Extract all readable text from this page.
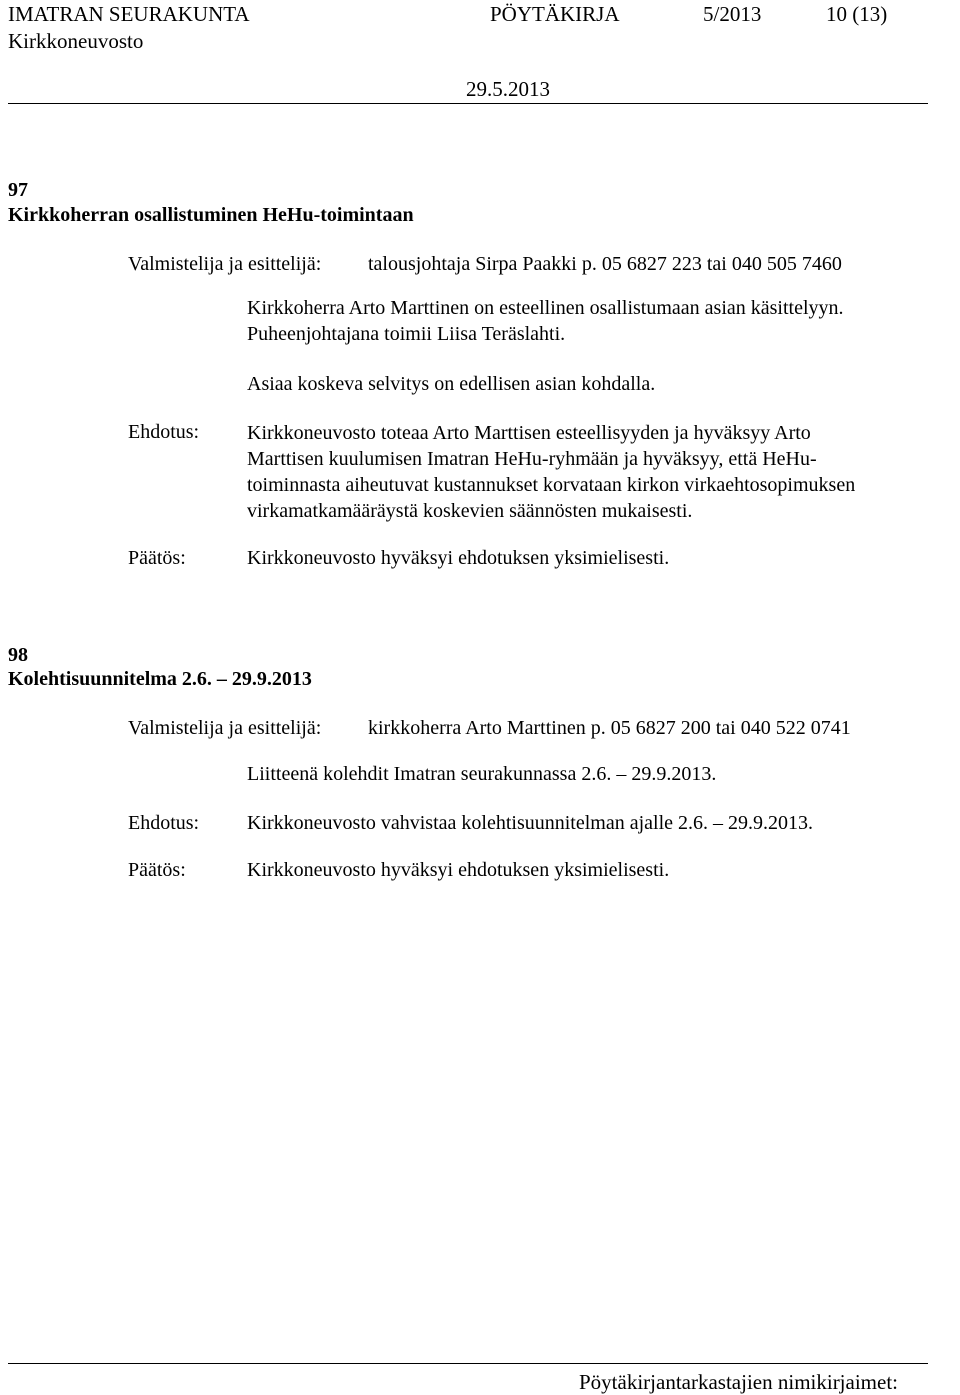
IMATRAN SEURAKUNTA	PÖYTÄKIRJA	5/2013	10 (13)
Kirkkoneuvosto
29.5.2013
97
Kirkkoherran osallistuminen HeHu-toimintaan
Valmistelija ja esittelijä: talousjohtaja Sirpa Paakki p. 05 6827 223 tai 040 505 7460
Kirkkoherra Arto Marttinen on esteellinen osallistumaan asian käsittelyyn.
Puheenjohtajana toimii Liisa Teräslahti.
Asiaa koskeva selvitys on edellisen asian kohdalla.
Ehdotus: Kirkkoneuvosto toteaa Arto Marttisen esteellisyyden ja hyväksyy Arto
Marttisen kuulumisen Imatran HeHu-ryhmään ja hyväksyy, että HeHu-
toiminnasta aiheutuvat kustannukset korvataan kirkon virkaehtosopimuksen
virkamatkamääräystä koskevien säännösten mukaisesti.
Päätös:	Kirkkoneuvosto hyväksyi ehdotuksen yksimielisesti.
98
Kolehtisuunnitelma 2.6. – 29.9.2013
Valmistelija ja esittelijä: kirkkoherra Arto Marttinen p. 05 6827 200 tai 040 522 0741
Liitteenä kolehdit Imatran seurakunnassa 2.6. – 29.9.2013.
Ehdotus: Kirkkoneuvosto vahvistaa kolehtisuunnitelman ajalle 2.6. – 29.9.2013.
Päätös:	Kirkkoneuvosto hyväksyi ehdotuksen yksimielisesti.
Pöytäkirjantarkastajien nimikirjaimet:
